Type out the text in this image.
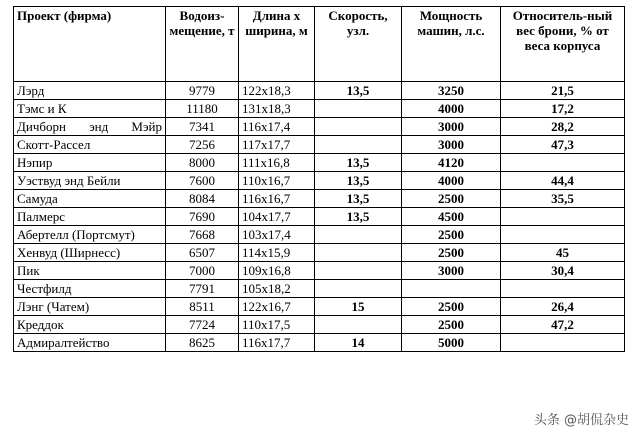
Проект (фирма)	Водоиз-мещение, т	Длина х ширина, м	Скорость, узл.	Мощность машин, л.с.	Относитель-ный вес брони, % от веса корпуса
Лэрд	9779	122x18,3	13,5	3250	21,5
Тэмс и К	11180	131x18,3		4000	17,2
Дичборн энд Мэйр	7341	116x17,4		3000	28,2
Скотт-Рассел	7256	117x17,7		3000	47,3
Нэпир	8000	111x16,8	13,5	4120	
Уэствуд энд Бейли	7600	110x16,7	13,5	4000	44,4
Самуда	8084	116x16,7	13,5	2500	35,5
Палмерс	7690	104x17,7	13,5	4500	
Абертелл (Портсмут)	7668	103x17,4		2500	
Хенвуд (Ширнесс)	6507	114x15,9		2500	45
Пик	7000	109x16,8		3000	30,4
Честфилд	7791	105x18,2			
Лэнг (Чатем)	8511	122x16,7	15	2500	26,4
Креддок	7724	110x17,5		2500	47,2
Адмиралтейство	8625	116x17,7	14	5000	
头条 @胡侃杂史
